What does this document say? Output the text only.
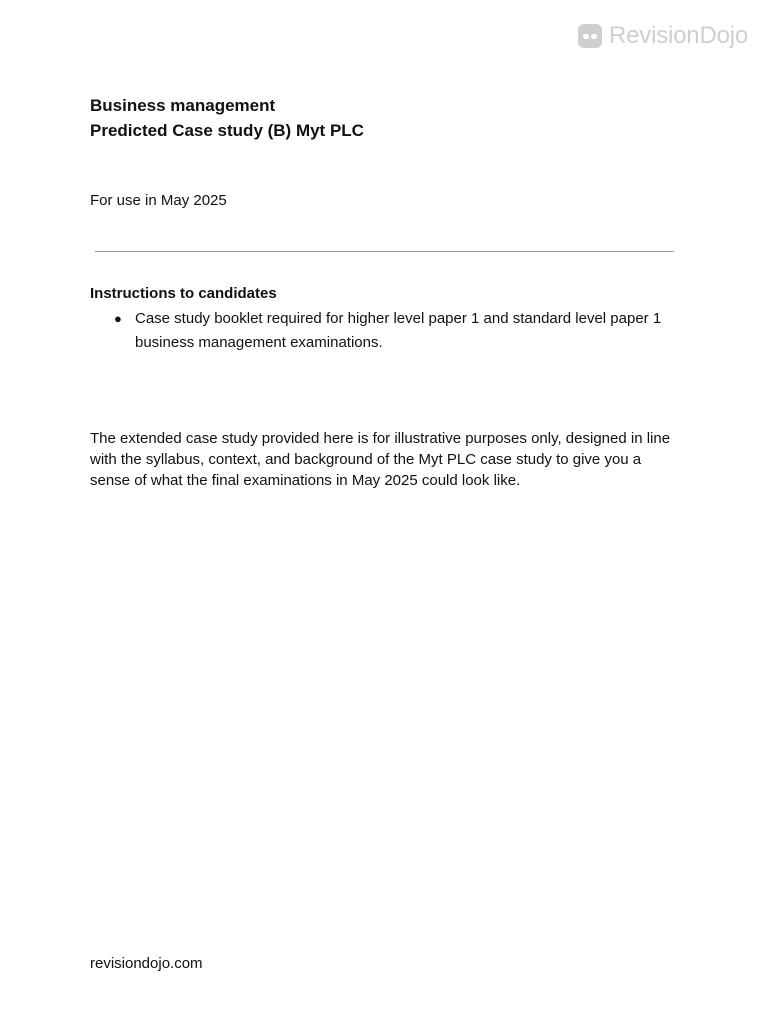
RevisionDojo
Business management
Predicted Case study (B) Myt PLC
For use in May 2025
Instructions to candidates
● Case study booklet required for higher level paper 1 and standard level paper 1 business management examinations.
The extended case study provided here is for illustrative purposes only, designed in line with the syllabus, context, and background of the Myt PLC case study to give you a sense of what the final examinations in May 2025 could look like.
revisiondojo.com
